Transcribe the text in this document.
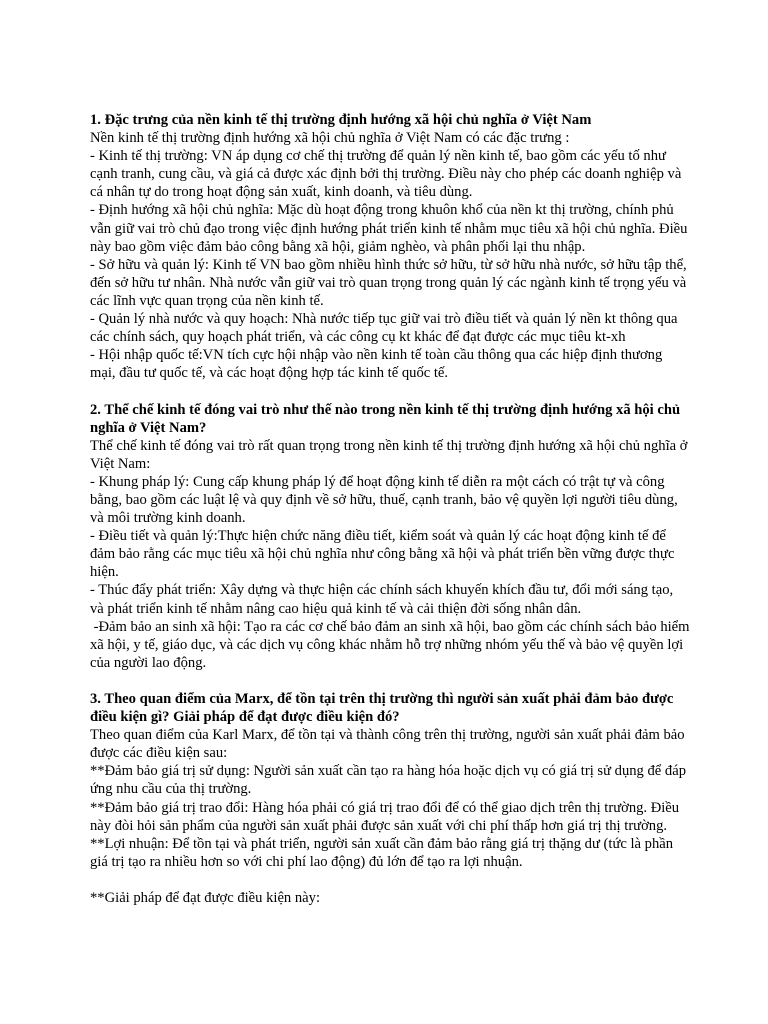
1. Đặc trưng của nền kinh tế thị trường định hướng xã hội chủ nghĩa ở Việt Nam

Nền kinh tế thị trường định hướng xã hội chủ nghĩa ở Việt Nam có các đặc trưng :

- Kinh tế thị trường: VN áp dụng cơ chế thị trường để quản lý nền kinh tế, bao gồm các yếu tố như cạnh tranh, cung cầu, và giá cả được xác định bởi thị trường. Điều này cho phép các doanh nghiệp và cá nhân tự do trong hoạt động sản xuất, kinh doanh, và tiêu dùng.

- Định hướng xã hội chủ nghĩa: Mặc dù hoạt động trong khuôn khổ của nền kt thị trường, chính phủ vẫn giữ vai trò chủ đạo trong việc định hướng phát triển kinh tế nhằm mục tiêu xã hội chủ nghĩa. Điều này bao gồm việc đảm bảo công bằng xã hội, giảm nghèo, và phân phối lại thu nhập.

- Sở hữu và quản lý: Kinh tế VN bao gồm nhiều hình thức sở hữu, từ sở hữu nhà nước, sở hữu tập thể, đến sở hữu tư nhân. Nhà nước vẫn giữ vai trò quan trọng trong quản lý các ngành kinh tế trọng yếu và các lĩnh vực quan trọng của nền kinh tế.

- Quản lý nhà nước và quy hoạch: Nhà nước tiếp tục giữ vai trò điều tiết và quản lý nền kt thông qua các chính sách, quy hoạch phát triển, và các công cụ kt khác để đạt được các mục tiêu kt-xh

- Hội nhập quốc tế:VN tích cực hội nhập vào nền kinh tế toàn cầu thông qua các hiệp định thương mại, đầu tư quốc tế, và các hoạt động hợp tác kinh tế quốc tế.

2. Thể chế kinh tế đóng vai trò như thế nào trong nền kinh tế thị trường định hướng xã hội chủ nghĩa ở Việt Nam?

Thể chế kinh tế đóng vai trò rất quan trọng trong nền kinh tế thị trường định hướng xã hội chủ nghĩa ở Việt Nam:

- Khung pháp lý: Cung cấp khung pháp lý để hoạt động kinh tế diễn ra một cách có trật tự và công bằng, bao gồm các luật lệ và quy định về sở hữu, thuế, cạnh tranh, bảo vệ quyền lợi người tiêu dùng, và môi trường kinh doanh.

- Điều tiết và quản lý:Thực hiện chức năng điều tiết, kiểm soát và quản lý các hoạt động kinh tế để đảm bảo rằng các mục tiêu xã hội chủ nghĩa như công bằng xã hội và phát triển bền vững được thực hiện.

- Thúc đẩy phát triển: Xây dựng và thực hiện các chính sách khuyến khích đầu tư, đổi mới sáng tạo, và phát triển kinh tế nhằm nâng cao hiệu quả kinh tế và cải thiện đời sống nhân dân.

-Đảm bảo an sinh xã hội: Tạo ra các cơ chế bảo đảm an sinh xã hội, bao gồm các chính sách bảo hiểm xã hội, y tế, giáo dục, và các dịch vụ công khác nhằm hỗ trợ những nhóm yếu thế và bảo vệ quyền lợi của người lao động.

3. Theo quan điểm của Marx, để tồn tại trên thị trường thì người sản xuất phải đảm bảo được điều kiện gì? Giải pháp để đạt được điều kiện đó?

Theo quan điểm của Karl Marx, để tồn tại và thành công trên thị trường, người sản xuất phải đảm bảo được các điều kiện sau:

**Đảm bảo giá trị sử dụng: Người sản xuất cần tạo ra hàng hóa hoặc dịch vụ có giá trị sử dụng để đáp ứng nhu cầu của thị trường.

**Đảm bảo giá trị trao đổi: Hàng hóa phải có giá trị trao đổi để có thể giao dịch trên thị trường. Điều này đòi hỏi sản phẩm của người sản xuất phải được sản xuất với chi phí thấp hơn giá trị thị trường.

**Lợi nhuận: Để tồn tại và phát triển, người sản xuất cần đảm bảo rằng giá trị thặng dư (tức là phần giá trị tạo ra nhiều hơn so với chi phí lao động) đủ lớn để tạo ra lợi nhuận.

**Giải pháp để đạt được điều kiện này:
